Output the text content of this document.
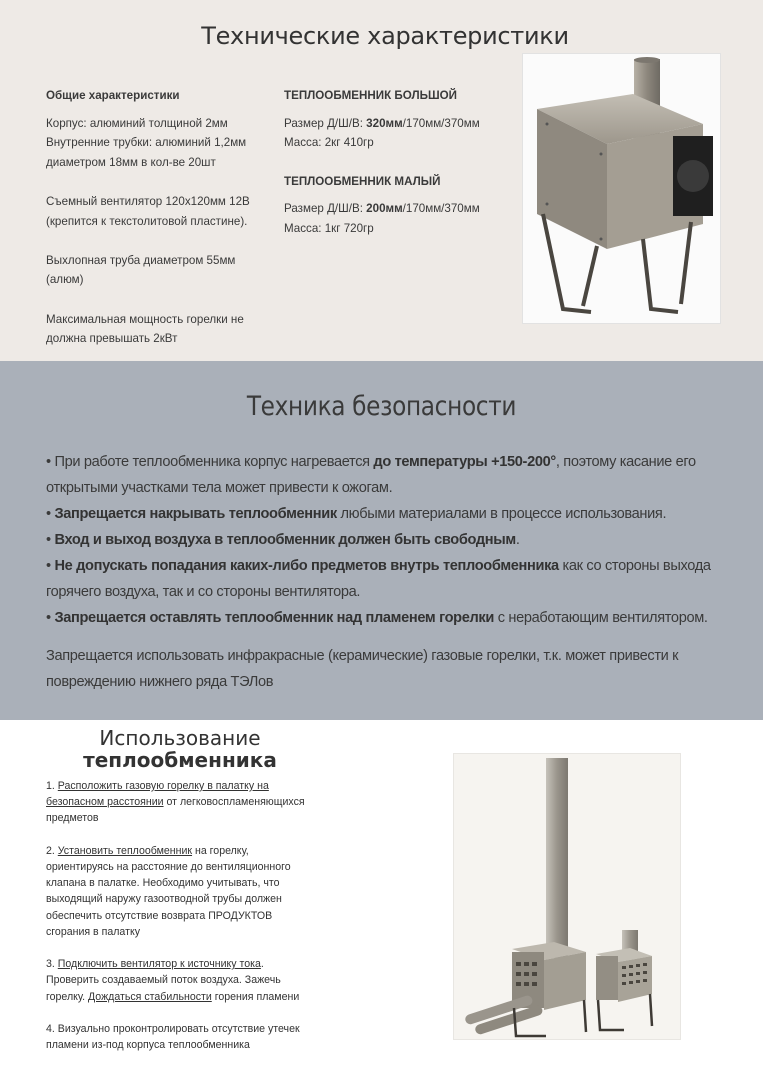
Технические характеристики
Общие характеристики

Корпус: алюминий толщиной 2мм
Внутренние трубки: алюминий 1,2мм
диаметром 18мм в кол-ве 20шт

Съемный вентилятор 120х120мм 12В
(крепится к текстолитовой пластине).

Выхлопная труба диаметром 55мм
(алюм)

Максимальная мощность горелки не
должна превышать 2кВт

ТЕПЛООБМЕННИК БОЛЬШОЙ
Размер Д/Ш/В: 320мм/170мм/370мм
Масса: 2кг 410гр
ТЕПЛООБМЕННИК МАЛЫЙ
Размер Д/Ш/В: 200мм/170мм/370мм
Масса: 1кг 720гр
Техника безопасности
• При работе теплообменника корпус нагревается до температуры +150-200°, поэтому касание его открытыми участками тела может привести к ожогам.
• Запрещается накрывать теплообменник любыми материалами в процессе использования.
• Вход и выход воздуха в теплообменник должен быть свободным.
• Не допускать попадания каких-либо предметов внутрь теплообменника как со стороны выхода горячего воздуха, так и со стороны вентилятора.
• Запрещается оставлять теплообменник над пламенем горелки с неработающим вентилятором.
Запрещается использовать инфракрасные (керамические) газовые горелки, т.к. может привести к повреждению нижнего ряда ТЭЛов
Использование
теплообменника

1. Расположить газовую горелку в палатку на безопасном расстоянии от легковоспламеняющихся предметов

2. Установить теплообменник на горелку, ориентируясь на расстояние до вентиляционного клапана в палатке. Необходимо учитывать, что выходящий наружу газоотводной трубы должен обеспечить отсутствие возврата ПРОДУКТОВ сгорания в палатку

3. Подключить вентилятор к источнику тока. Проверить создаваемый поток воздуха. Зажечь горелку. Дождаться стабильности горения пламени

4. Визуально проконтролировать отсутствие утечек пламени из-под корпуса теплообменника
